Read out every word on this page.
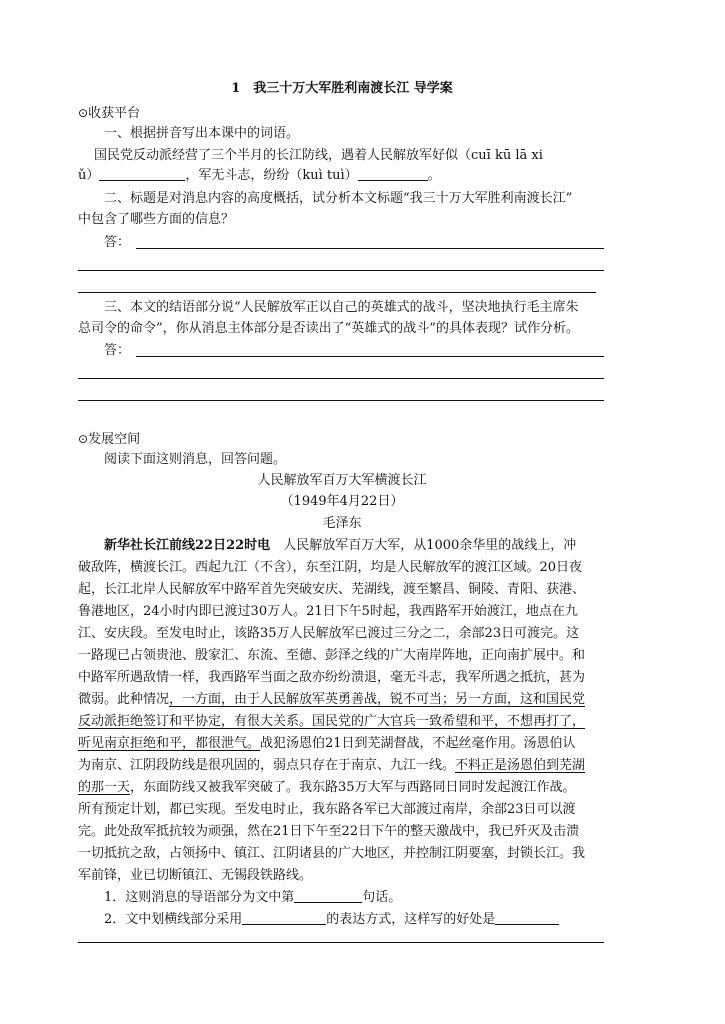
1　我三十万大军胜利南渡长江 导学案
⊙收获平台
一、根据拼音写出本课中的词语。
国民党反动派经营了三个半月的长江防线，遇着人民解放军好似（cuī kū lā xi
ǔ）	，军无斗志，纷纷（kuì tuì）	。
二、标题是对消息内容的高度概括，试分析本文标题“我三十万大军胜利南渡长江”
中包含了哪些方面的信息？
答：
三、本文的结语部分说“人民解放军正以自己的英雄式的战斗，坚决地执行毛主席朱
总司令的命令”，你从消息主体部分是否读出了“英雄式的战斗”的具体表现？试作分析。
答：
⊙发展空间
阅读下面这则消息，回答问题。
人民解放军百万大军横渡长江
（1949年4月22日）
毛泽东
新华社长江前线22日22时电　 人民解放军百万大军，从1000余华里的战线上，冲
破敌阵，横渡长江。西起九江（不含），东至江阴，均是人民解放军的渡江区域。20日夜
起，长江北岸人民解放军中路军首先突破安庆、芜湖线，渡至繁昌、铜陵、青阳、获港、
鲁港地区，24小时内即已渡过30万人。21日下午5时起，我西路军开始渡江，地点在九
江、安庆段。至发电时止，该路35万人民解放军已渡过三分之二，余部23日可渡完。这
一路现已占领贵池、殷家汇、东流、至德、彭泽之线的广大南岸阵地，正向南扩展中。和
中路军所遇敌情一样，我西路军当面之敌亦纷纷溃退，毫无斗志，我军所遇之抵抗，甚为
微弱。此种情况，一方面，由于人民解放军英勇善战，锐不可当；另一方面，这和国民党
反动派拒绝签订和平协定，有很大关系。国民党的广大官兵一致希望和平，不想再打了，
听见南京拒绝和平，都很泄气。战犯汤恩伯21日到芜湖督战，不起丝毫作用。汤恩伯认
为南京、江阴段防线是很巩固的，弱点只存在于南京、九江一线。不料正是汤恩伯到芜湖
的那一天，东面防线又被我军突破了。我东路35万大军与西路同日同时发起渡江作战。
所有预定计划，都已实现。至发电时止，我东路各军已大部渡过南岸，余部23日可以渡
完。此处敌军抵抗较为顽强，然在21日下午至22日下午的整天激战中，我已歼灭及击溃
一切抵抗之敌，占领扬中、镇江、江阴诸县的广大地区，并控制江阴要塞，封锁长江。我
军前锋，业已切断镇江、无锡段铁路线。
1．这则消息的导语部分为文中第	句话。
2．文中划横线部分采用	的表达方式，这样写的好处是
